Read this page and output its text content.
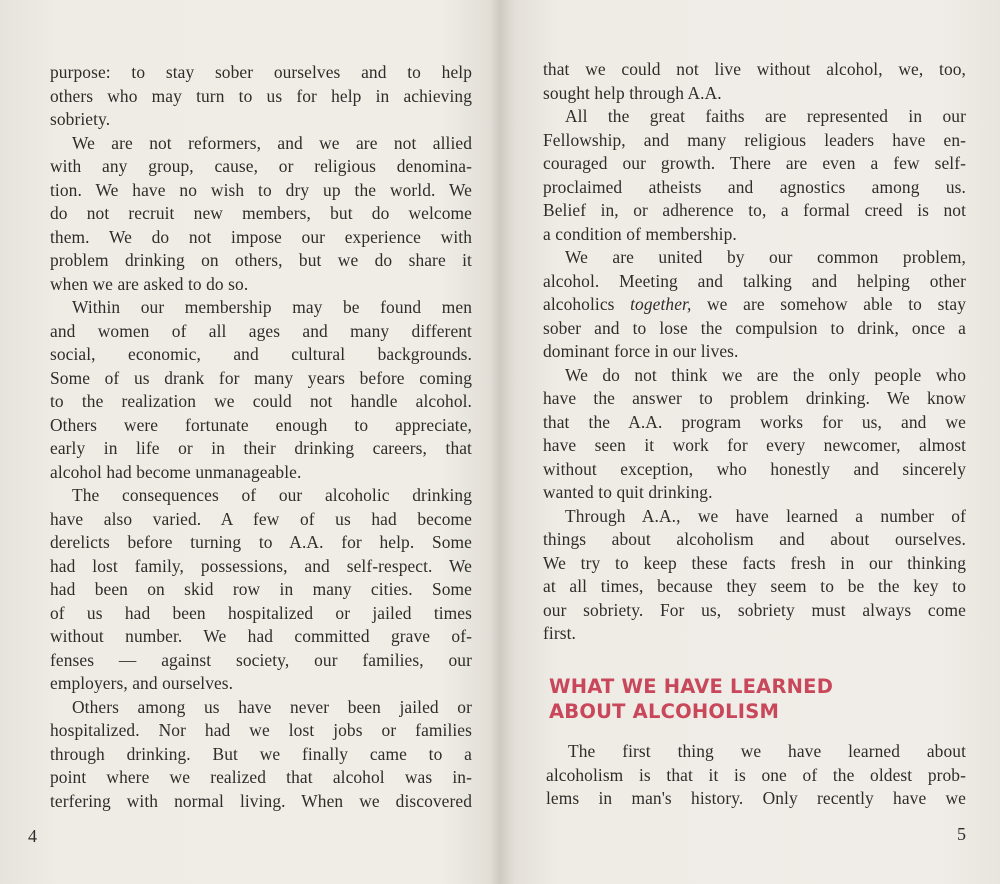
purpose: to stay sober ourselves and to help
others who may turn to us for help in achieving
sobriety.
We are not reformers, and we are not allied
with any group, cause, or religious denomina-
tion. We have no wish to dry up the world. We
do not recruit new members, but do welcome
them. We do not impose our experience with
problem drinking on others, but we do share it
when we are asked to do so.
Within our membership may be found men
and women of all ages and many different
social, economic, and cultural backgrounds.
Some of us drank for many years before coming
to the realization we could not handle alcohol.
Others were fortunate enough to appreciate,
early in life or in their drinking careers, that
alcohol had become unmanageable.
The consequences of our alcoholic drinking
have also varied. A few of us had become
derelicts before turning to A.A. for help. Some
had lost family, possessions, and self-respect. We
had been on skid row in many cities. Some
of us had been hospitalized or jailed times
without number. We had committed grave of-
fenses — against society, our families, our
employers, and ourselves.
Others among us have never been jailed or
hospitalized. Nor had we lost jobs or families
through drinking. But we finally came to a
point where we realized that alcohol was in-
terfering with normal living. When we discovered
that we could not live without alcohol, we, too,
sought help through A.A.
All the great faiths are represented in our
Fellowship, and many religious leaders have en-
couraged our growth. There are even a few self-
proclaimed atheists and agnostics among us.
Belief in, or adherence to, a formal creed is not
a condition of membership.
We are united by our common problem,
alcohol. Meeting and talking and helping other
alcoholics together, we are somehow able to stay
sober and to lose the compulsion to drink, once a
dominant force in our lives.
We do not think we are the only people who
have the answer to problem drinking. We know
that the A.A. program works for us, and we
have seen it work for every newcomer, almost
without exception, who honestly and sincerely
wanted to quit drinking.
Through A.A., we have learned a number of
things about alcoholism and about ourselves.
We try to keep these facts fresh in our thinking
at all times, because they seem to be the key to
our sobriety. For us, sobriety must always come
first.
WHAT WE HAVE LEARNED
ABOUT ALCOHOLISM
The first thing we have learned about
alcoholism is that it is one of the oldest prob-
lems in man's history. Only recently have we
4	5
